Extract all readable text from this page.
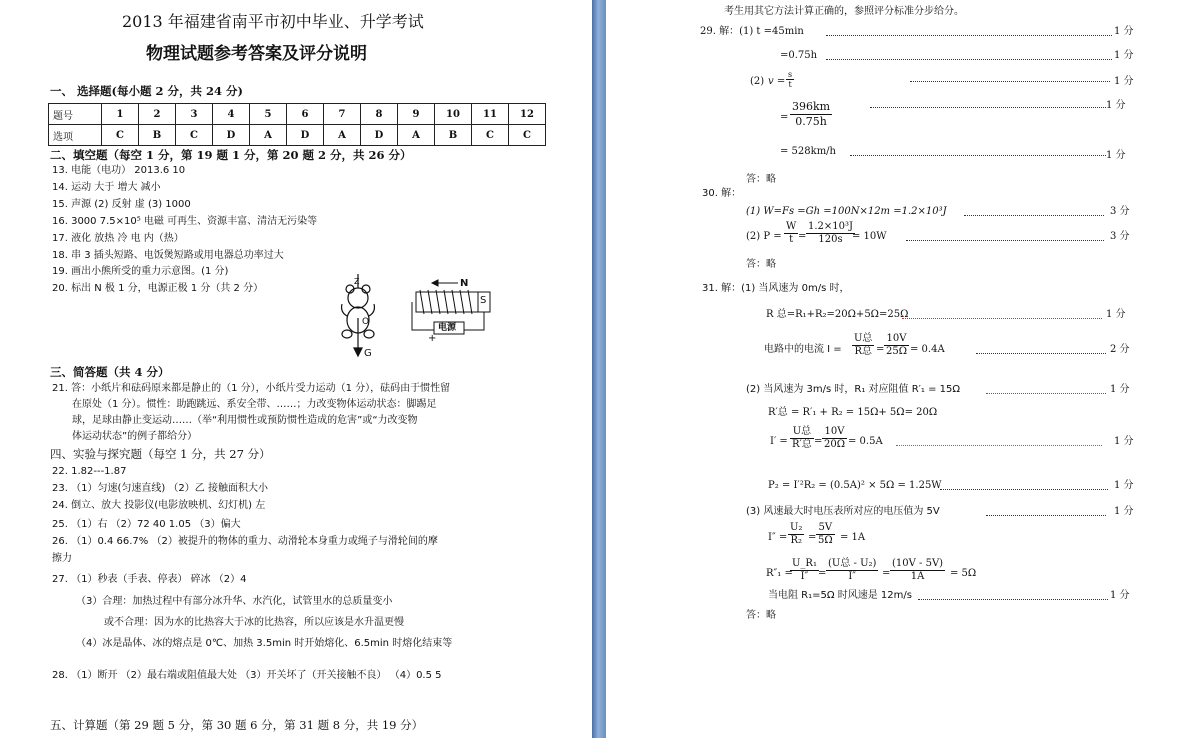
2013 年福建省南平市初中毕业、升学考试
物理试题参考答案及评分说明
一、 选择题(每小题 2 分，共 24 分)
题号	1	2	3	4	5	6	7	8	9	10	11	12
选项	C	B	C	D	A	D	A	D	A	B	C	C
二、填空题（每空 1 分，第 19 题 1 分，第 20 题 2 分，共 26 分）
13. 电能（电功） 2013.6 10
14. 运动 大于 增大 减小
15. 声源 (2) 反射 虚 (3) 1000
16. 3000 7.5×10⁵ 电磁 可再生、资源丰富、清洁无污染等
17. 液化 放热 冷 电 内（热）
18. 串 3 插头短路、电饭煲短路或用电器总功率过大
19. 画出小熊所受的重力示意图。(1 分)
20. 标出 N 极 1 分，电源正极 1 分（共 2 分）
Z
O
G
N
S
电源
+
三、简答题（共 4 分）
21. 答：小纸片和砝码原来都是静止的（1 分），小纸片受力运动（1 分），砝码由于惯性留
在原处（1 分）。惯性：助跑跳远、系安全带、……；力改变物体运动状态：脚踢足
球，足球由静止变运动……（举“利用惯性或预防惯性造成的危害”或“力改变物
体运动状态”的例子都给分）
四、实验与探究题（每空 1 分，共 27 分）
22. 1.82---1.87
23. （1）匀速(匀速直线) （2）乙 接触面积大小
24. 倒立、放大 投影仪(电影放映机、幻灯机) 左
25. （1）右 （2）72 40 1.05 （3）偏大
26. （1）0.4 66.7% （2）被提升的物体的重力、动滑轮本身重力或绳子与滑轮间的摩
擦力
27. （1）秒表（手表、停表） 碎冰 （2）4
（3）合理：加热过程中有部分冰升华、水汽化，试管里水的总质量变小
或不合理：因为水的比热容大于冰的比热容，所以应该是水升温更慢
（4）冰是晶体、冰的熔点是 0℃、加热 3.5min 时开始熔化、6.5min 时熔化结束等
28. （1）断开 （2）最右端或阻值最大处 （3）开关坏了（开关接触不良） （4）0.5 5
五、计算题（第 29 题 5 分，第 30 题 6 分，第 31 题 8 分，共 19 分）
考生用其它方法计算正确的，参照评分标准分步给分。
29. 解：(1) t =45min	1 分
=0.75h	1 分
(2) $v = \frac{s}{t}$	1 分
= $\frac{396km}{0.75h}$	1 分
= 528km/h	1 分
答：略
30. 解：
(1) W=Fs =Gh =100N×12m =1.2×10³J	3 分
(2) $P = \frac{W}{t} = \frac{\text{1.2×10³J}}{120s}$
= 10W	3 分
答：略
31. 解：(1) 当风速为 0m/s 时，
R 总=R₁+R₂=20Ω+5Ω=25Ω	1 分
电路中的电流 I =
U总
R总 = $\frac{10V}{25\Omega} = 0.4A$	2 分
(2) 当风速为 3m/s 时，R₁ 对应阻值 R′₁ = 15Ω	1 分
R′总 = R′₁ + R₂ = 15Ω+ 5Ω= 20Ω
I′ =
U总
R′总 = $\frac{10V}{20\Omega} = 0.5A$	1 分
P₂ = I′²R₂ = (0.5A)² × 5Ω = 1.25W	1 分
(3) 风速最大时电压表所对应的电压值为 5V	1 分
$I'' = \frac{\text{U₂}}{\text{R₂}} = \frac{5V}{5\Omega} = 1A$
R″₁ =
$\frac{\text{U\_R₁}}{I''}$ =
(U总 - U₂)
I″	= $\frac{(10V - 5V)}{1A} = 5\Omega$
当电阻 R₁=5Ω 时风速是 12m/s	1 分
答：略
